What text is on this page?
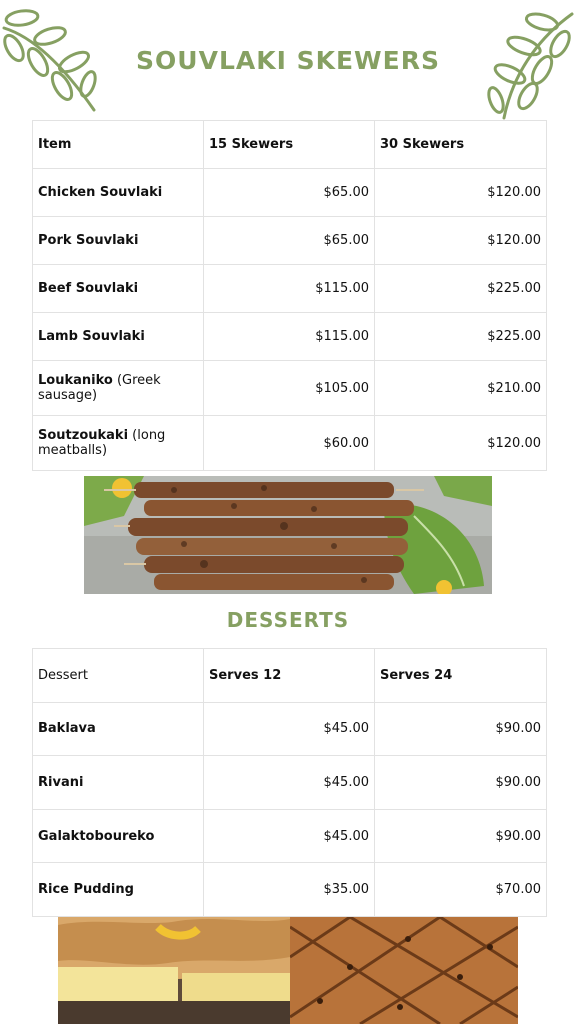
SOUVLAKI SKEWERS
Item	15 Skewers	30 Skewers
Chicken Souvlaki	$65.00	$120.00
Pork Souvlaki	$65.00	$120.00
Beef Souvlaki	$115.00	$225.00
Lamb Souvlaki	$115.00	$225.00
Loukaniko (Greek sausage)	$105.00	$210.00
Soutzoukaki (long meatballs)	$60.00	$120.00
DESSERTS
Dessert	Serves 12	Serves 24
Baklava	$45.00	$90.00
Rivani	$45.00	$90.00
Galaktoboureko	$45.00	$90.00
Rice Pudding	$35.00	$70.00
